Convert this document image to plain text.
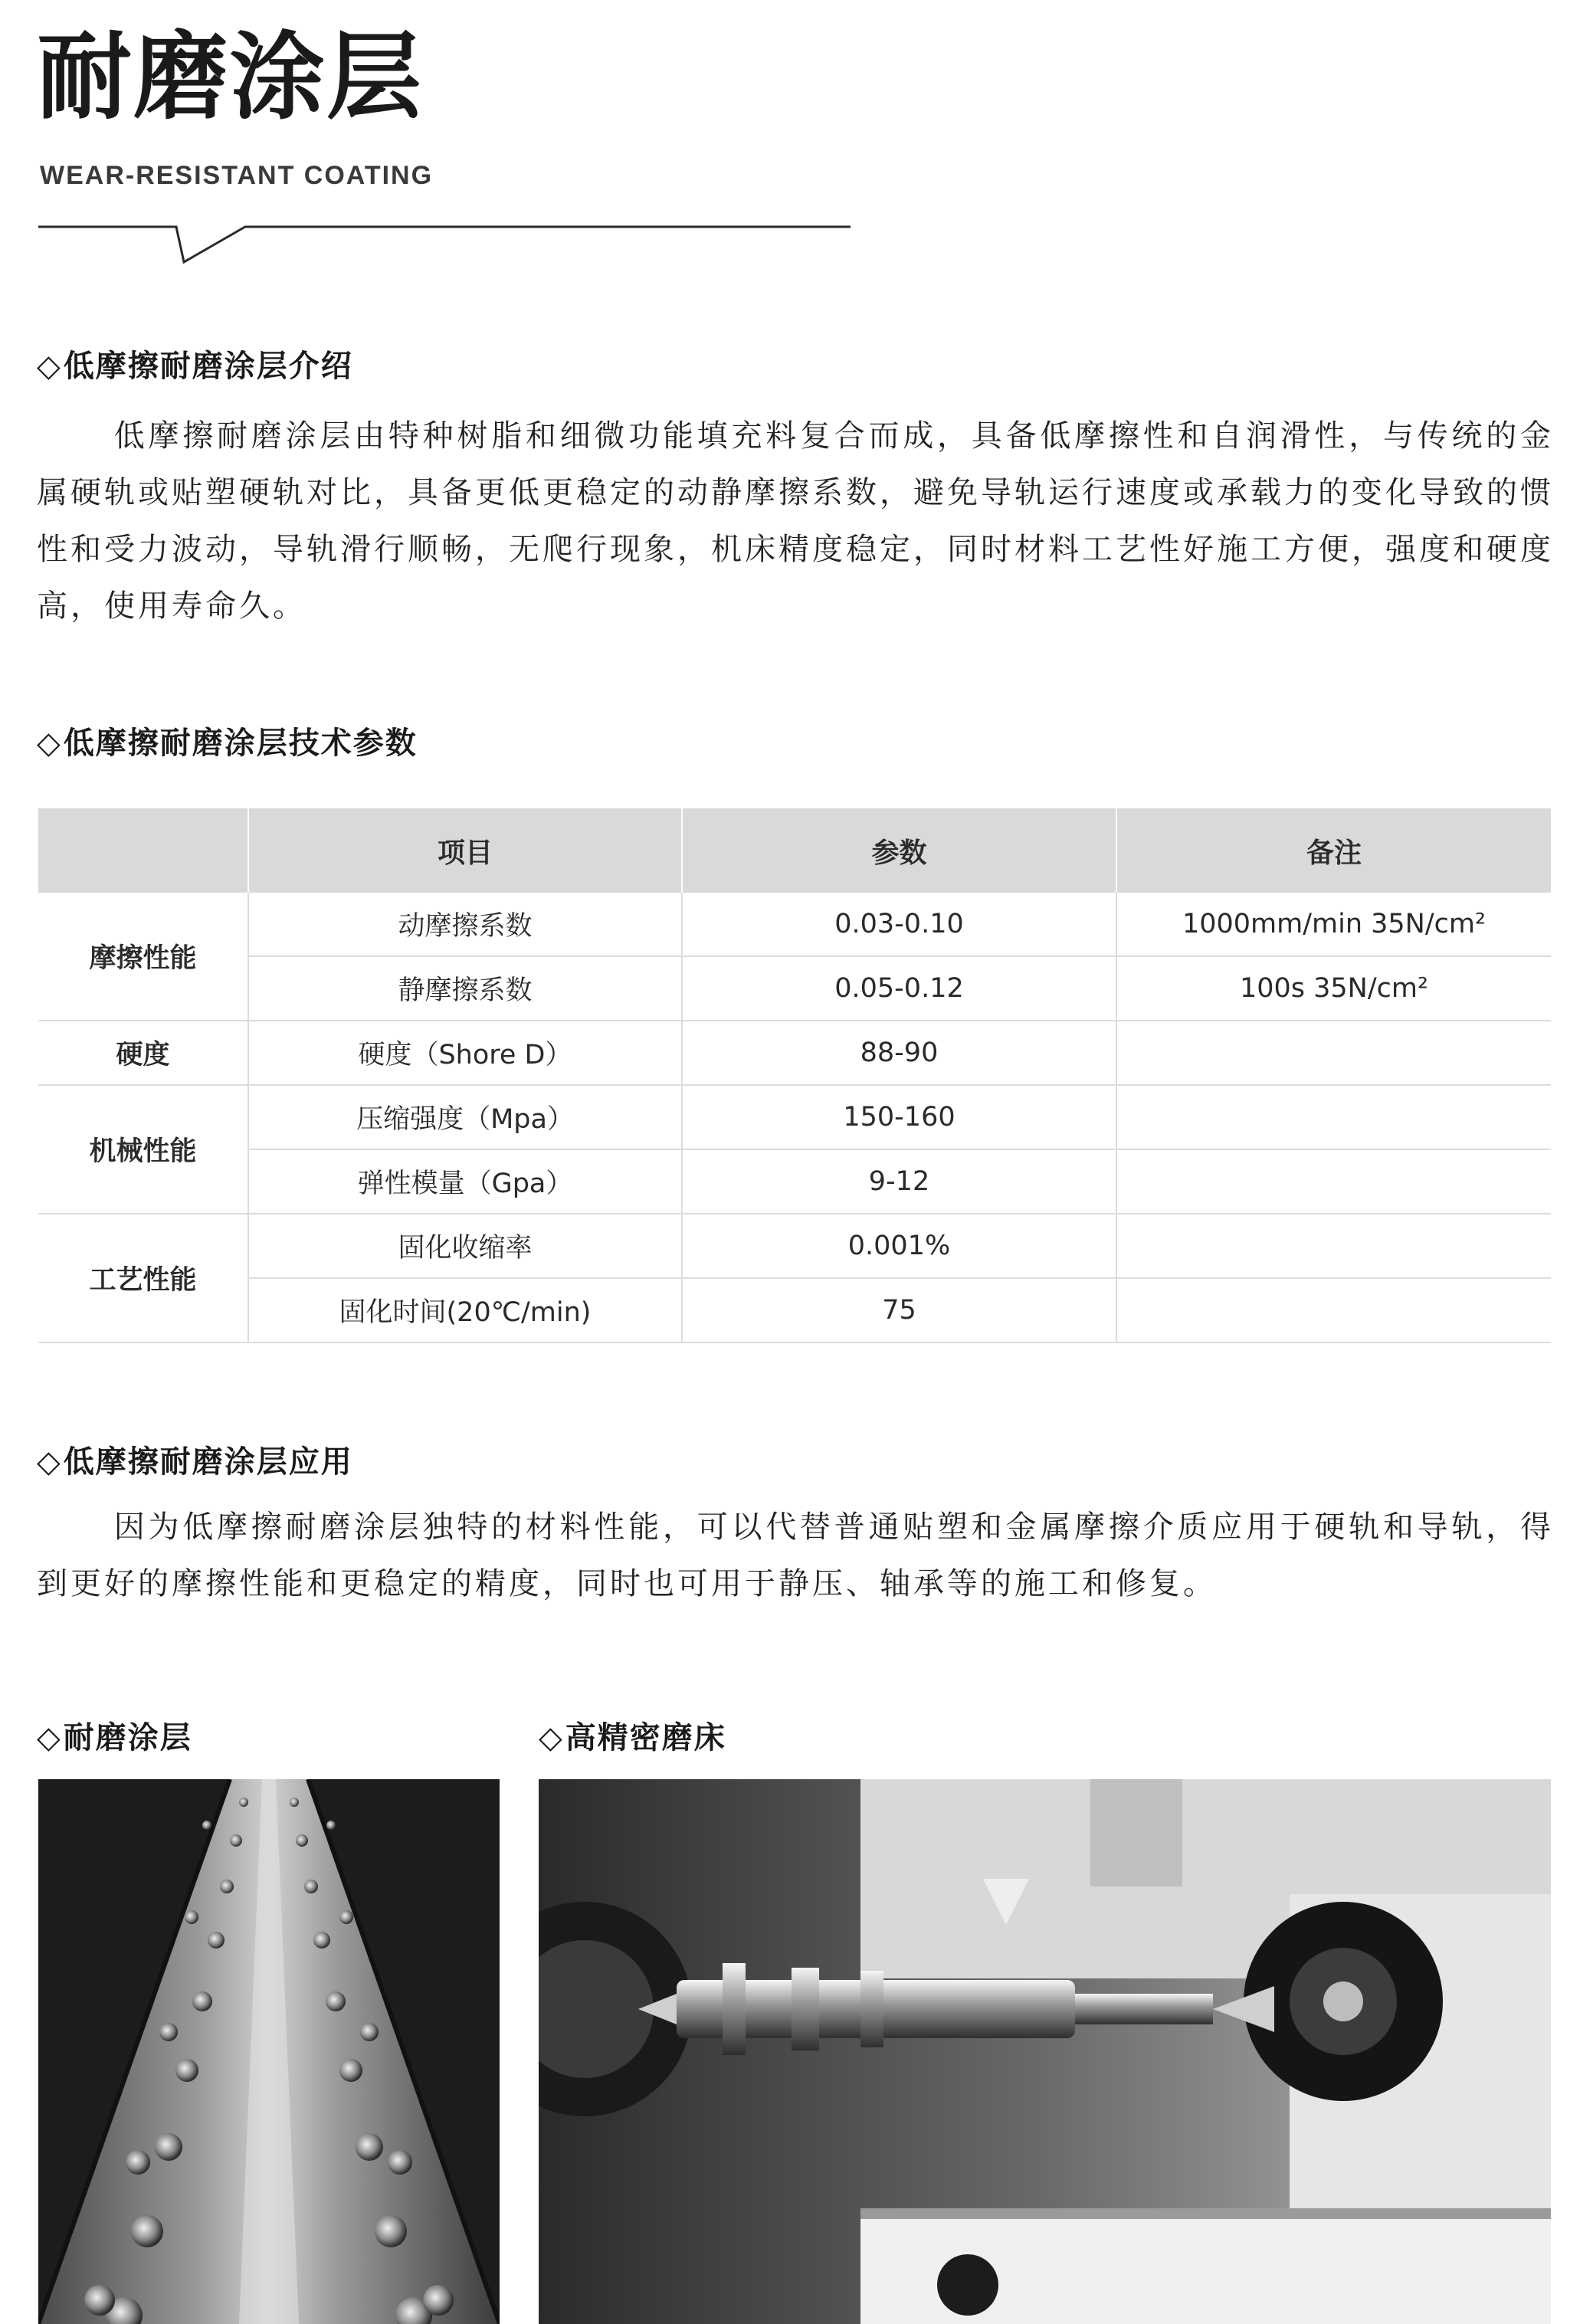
耐磨涂层
WEAR-RESISTANT COATING
◇低摩擦耐磨涂层介绍
低摩擦耐磨涂层由特种树脂和细微功能填充料复合而成，具备低摩擦性和自润滑性，与传统的金属硬轨或贴塑硬轨对比，具备更低更稳定的动静摩擦系数，避免导轨运行速度或承载力的变化导致的惯性和受力波动，导轨滑行顺畅，无爬行现象，机床精度稳定，同时材料工艺性好施工方便，强度和硬度高，使用寿命久。
◇低摩擦耐磨涂层技术参数
	项目	参数	备注
摩擦性能	动摩擦系数	0.03-0.10	1000mm/min 35N/cm²
	静摩擦系数	0.05-0.12	100s 35N/cm²
硬度	硬度（Shore D）	88-90	
机械性能	压缩强度（Mpa）	150-160	
	弹性模量（Gpa）	9-12	
工艺性能	固化收缩率	0.001%	
	固化时间(20℃/min)	75	
◇低摩擦耐磨涂层应用
因为低摩擦耐磨涂层独特的材料性能，可以代替普通贴塑和金属摩擦介质应用于硬轨和导轨，得到更好的摩擦性能和更稳定的精度，同时也可用于静压、轴承等的施工和修复。
◇耐磨涂层	◇高精密磨床
